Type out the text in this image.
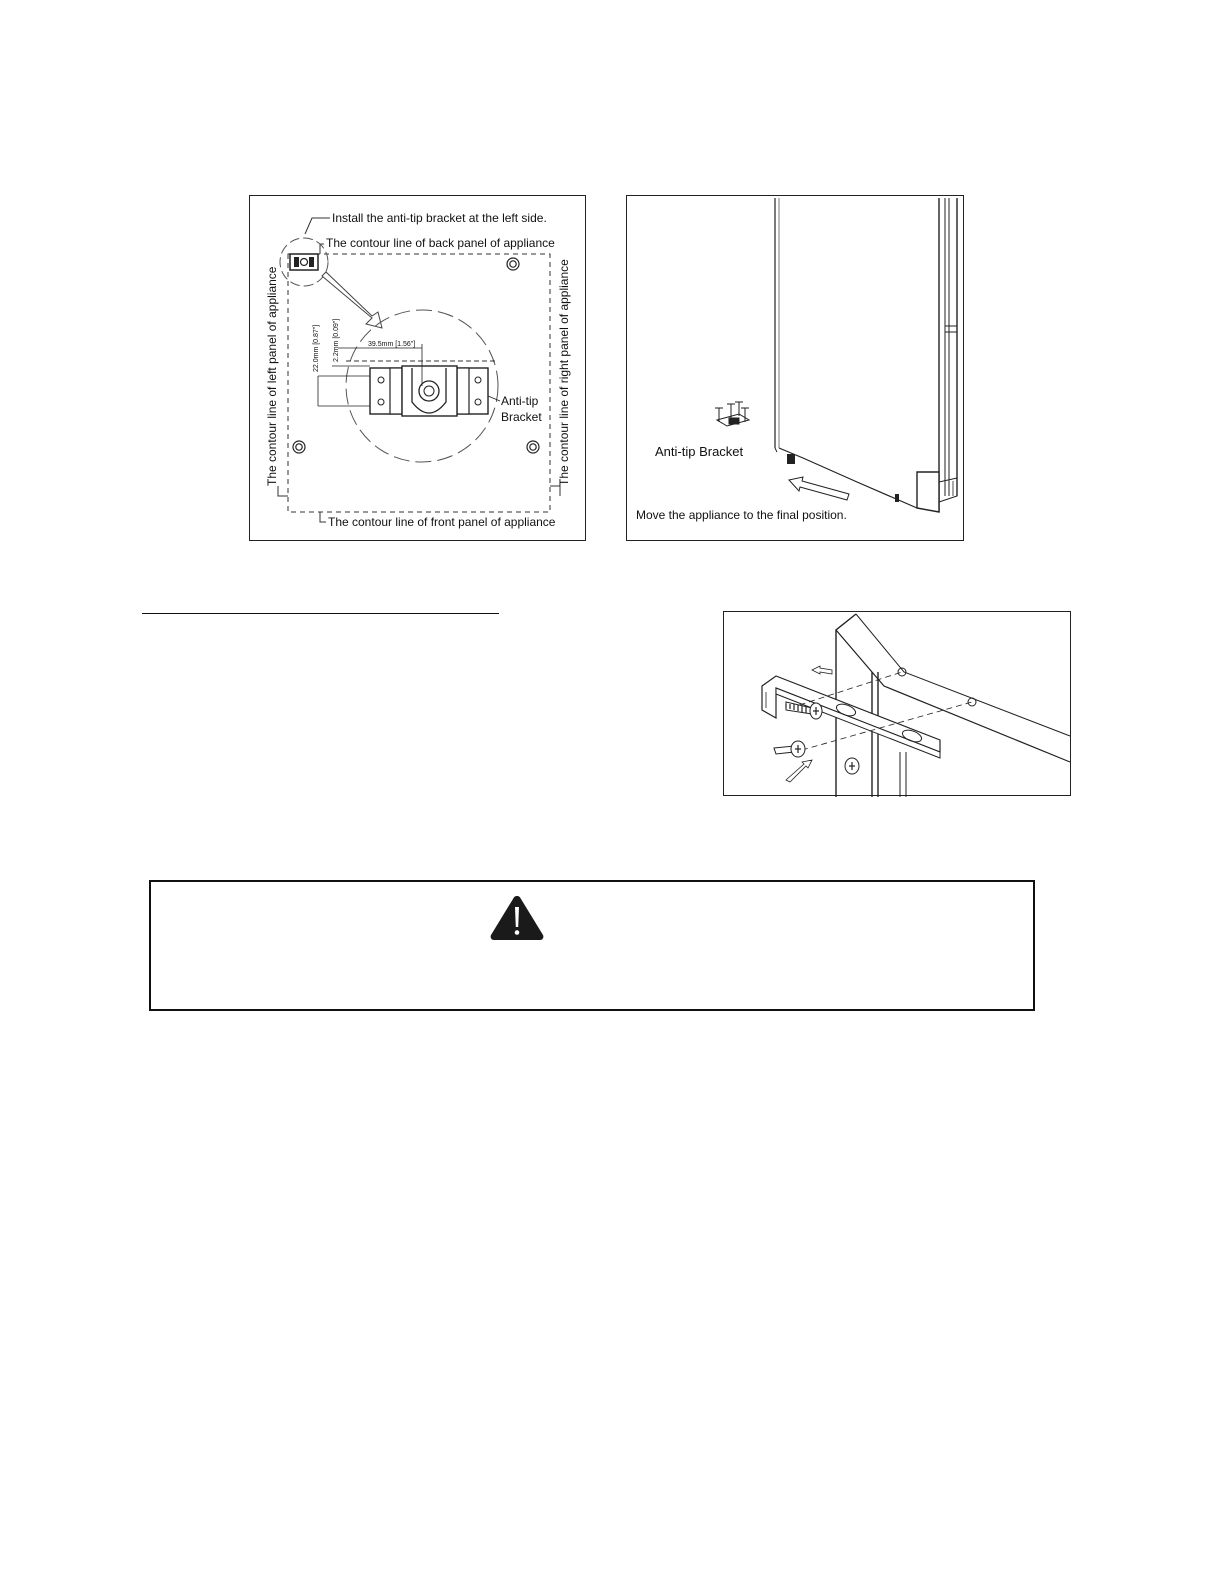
Install the anti-tip bracket at the left side.
The contour line of back panel of appliance
The contour line of front panel of appliance
The contour line of left panel of appliance	The contour line of right panel of appliance
39.5mm [1.56"]
22.0mm [0.87"] 2.2mm [0.09"]
Anti-tip
Bracket
Anti-tip Bracket
Move the appliance to the final position.
